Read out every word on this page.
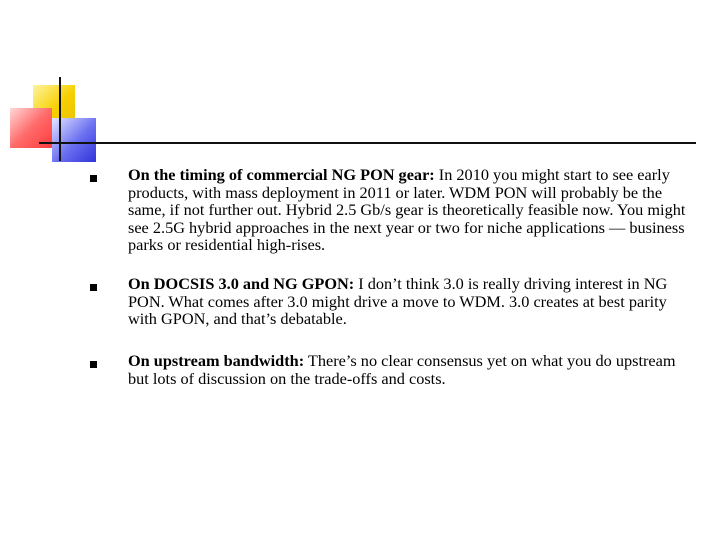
On the timing of commercial NG PON gear: In 2010 you might start to see early products, with mass deployment in 2011 or later. WDM PON will probably be the same, if not further out. Hybrid 2.5 Gb/s gear is theoretically feasible now. You might see 2.5G hybrid approaches in the next year or two for niche applications — business parks or residential high-rises.
On DOCSIS 3.0 and NG GPON: I don’t think 3.0 is really driving interest in NG PON. What comes after 3.0 might drive a move to WDM. 3.0 creates at best parity with GPON, and that’s debatable.
On upstream bandwidth: There’s no clear consensus yet on what you do upstream but lots of discussion on the trade-offs and costs.
